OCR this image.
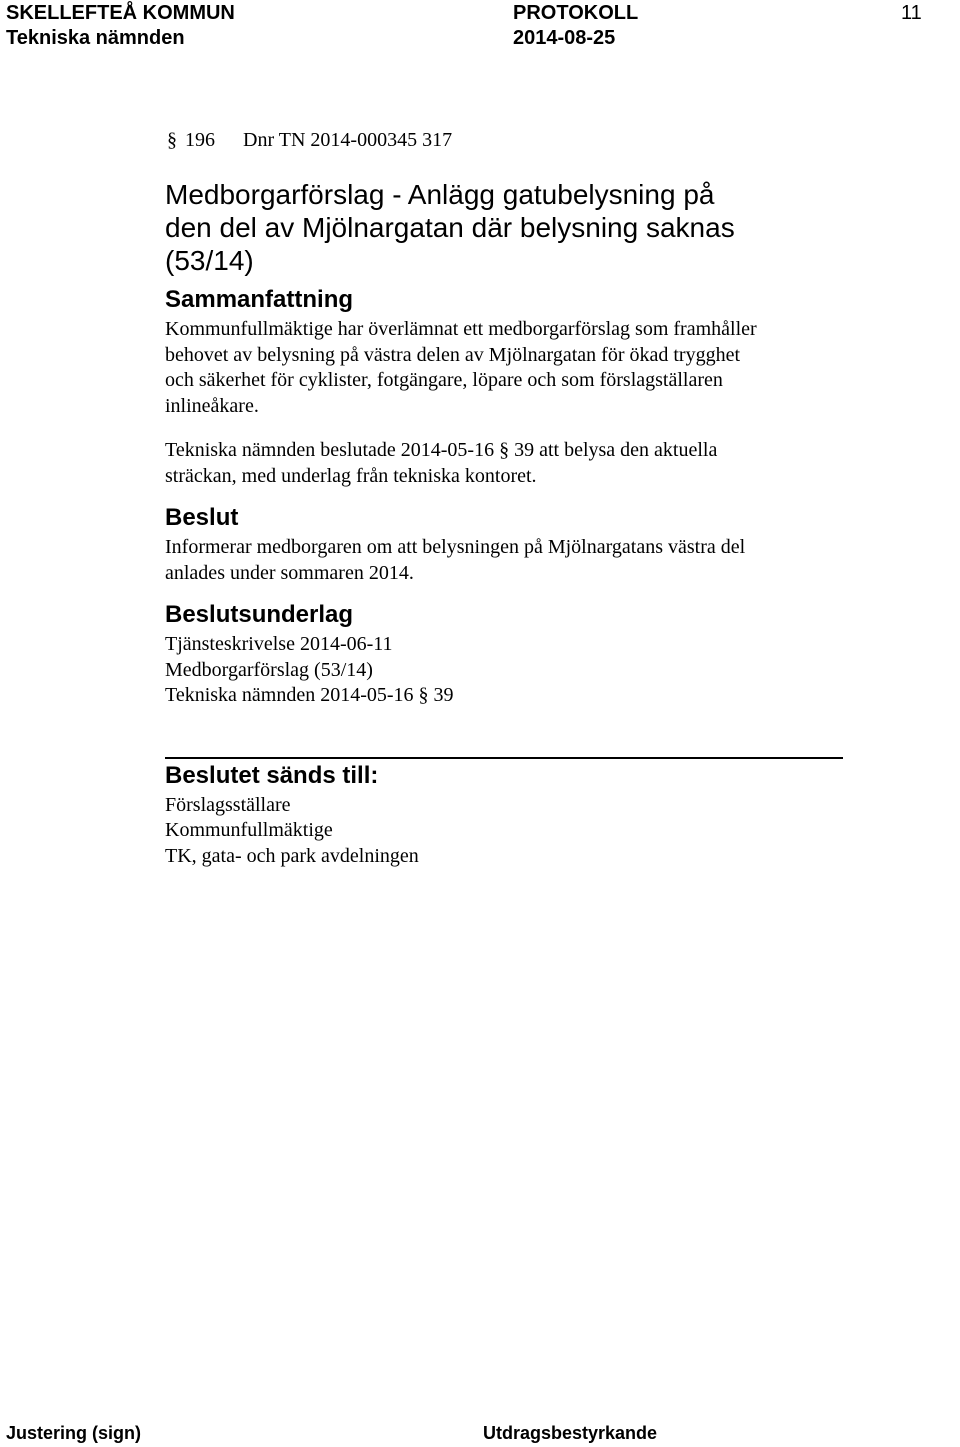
SKELLEFTEÅ KOMMUN
Tekniska nämnden
PROTOKOLL
2014-08-25
11
§ 196 Dnr TN 2014-000345 317
Medborgarförslag - Anlägg gatubelysning på
den del av Mjölnargatan där belysning saknas
(53/14)
Sammanfattning
Kommunfullmäktige har överlämnat ett medborgarförslag som framhåller
behovet av belysning på västra delen av Mjölnargatan för ökad trygghet
och säkerhet för cyklister, fotgängare, löpare och som förslagställaren
inlineåkare.
Tekniska nämnden beslutade 2014-05-16 § 39 att belysa den aktuella
sträckan, med underlag från tekniska kontoret.
Beslut
Informerar medborgaren om att belysningen på Mjölnargatans västra del
anlades under sommaren 2014.
Beslutsunderlag
Tjänsteskrivelse 2014-06-11
Medborgarförslag (53/14)
Tekniska nämnden 2014-05-16 § 39
Beslutet sänds till:
Förslagsställare
Kommunfullmäktige
TK, gata- och park avdelningen
Justering (sign)	Utdragsbestyrkande
